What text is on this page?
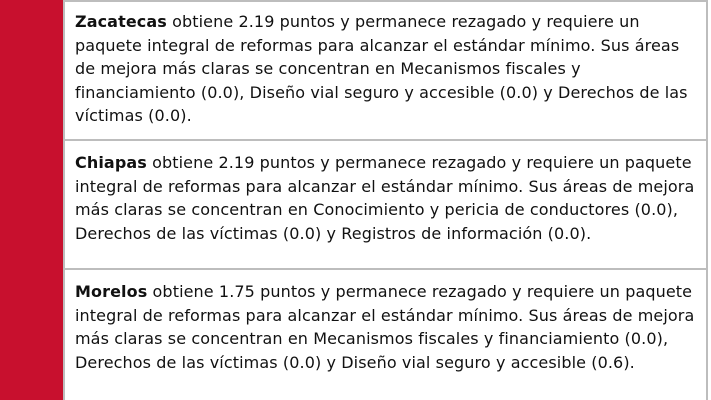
Zacatecas obtiene 2.19 puntos y permanece rezagado y requiere un paquete integral de reformas para alcanzar el estándar mínimo. Sus áreas de mejora más claras se concentran en Mecanismos fiscales y financiamiento (0.0), Diseño vial seguro y accesible (0.0) y Derechos de las víctimas (0.0).

Chiapas obtiene 2.19 puntos y permanece rezagado y requiere un paquete integral de reformas para alcanzar el estándar mínimo. Sus áreas de mejora más claras se concentran en Conocimiento y pericia de conductores (0.0), Derechos de las víctimas (0.0) y Registros de información (0.0).

Morelos obtiene 1.75 puntos y permanece rezagado y requiere un paquete integral de reformas para alcanzar el estándar mínimo. Sus áreas de mejora más claras se concentran en Mecanismos fiscales y financiamiento (0.0), Derechos de las víctimas (0.0) y Diseño vial seguro y accesible (0.6).
